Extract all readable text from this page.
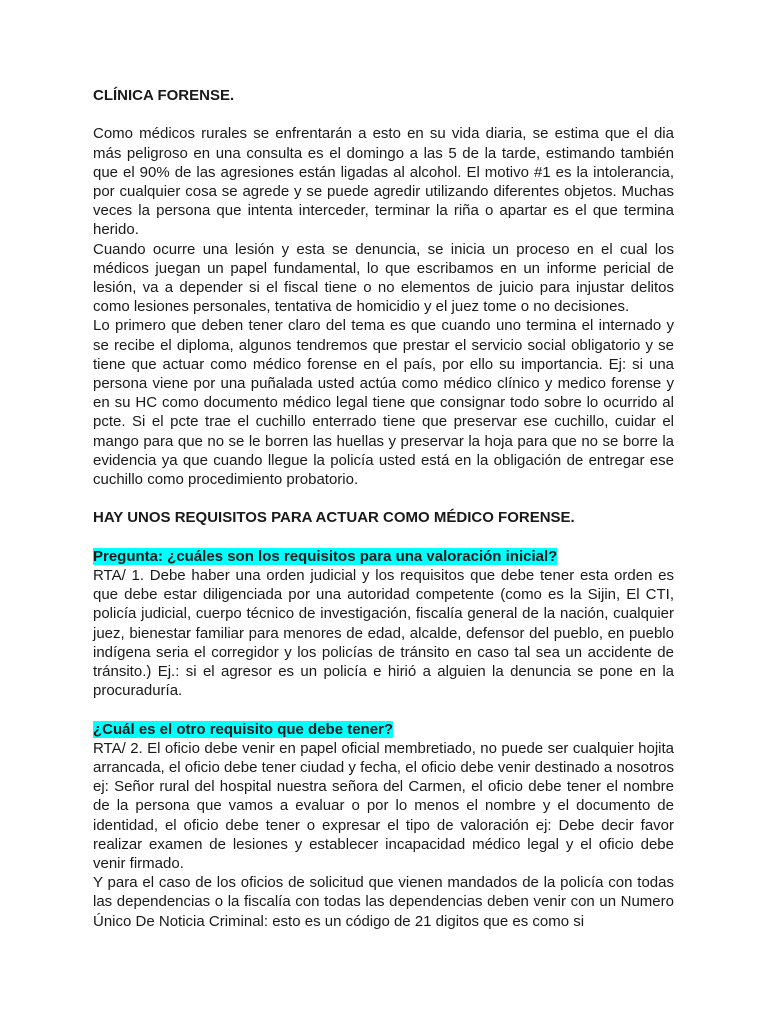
CLÍNICA FORENSE.

Como médicos rurales se enfrentarán a esto en su vida diaria, se estima que el dia más peligroso en una consulta es el domingo a las 5 de la tarde, estimando también que el 90% de las agresiones están ligadas al alcohol. El motivo #1 es la intolerancia, por cualquier cosa se agrede y se puede agredir utilizando diferentes objetos. Muchas veces la persona que intenta interceder, terminar la riña o apartar es el que termina herido.

Cuando ocurre una lesión y esta se denuncia, se inicia un proceso en el cual los médicos juegan un papel fundamental, lo que escribamos en un informe pericial de lesión, va a depender si el fiscal tiene o no elementos de juicio para injustar delitos como lesiones personales, tentativa de homicidio y el juez tome o no decisiones.

Lo primero que deben tener claro del tema es que cuando uno termina el internado y se recibe el diploma, algunos tendremos que prestar el servicio social obligatorio y se tiene que actuar como médico forense en el país, por ello su importancia. Ej: si una persona viene por una puñalada usted actúa como médico clínico y medico forense y en su HC como documento médico legal tiene que consignar todo sobre lo ocurrido al pcte. Si el pcte trae el cuchillo enterrado tiene que preservar ese cuchillo, cuidar el mango para que no se le borren las huellas y preservar la hoja para que no se borre la evidencia ya que cuando llegue la policía usted está en la obligación de entregar ese cuchillo como procedimiento probatorio.

HAY UNOS REQUISITOS PARA ACTUAR COMO MÉDICO FORENSE.

Pregunta: ¿cuáles son los requisitos para una valoración inicial?

RTA/ 1. Debe haber una orden judicial y los requisitos que debe tener esta orden es que debe estar diligenciada por una autoridad competente (como es la Sijin, El CTI, policía judicial, cuerpo técnico de investigación, fiscalía general de la nación, cualquier juez, bienestar familiar para menores de edad, alcalde, defensor del pueblo, en pueblo indígena seria el corregidor y los policías de tránsito en caso tal sea un accidente de tránsito.) Ej.: si el agresor es un policía e hirió a alguien la denuncia se pone en la procuraduría.

¿Cuál es el otro requisito que debe tener?

RTA/ 2. El oficio debe venir en papel oficial membretiado, no puede ser cualquier hojita arrancada, el oficio debe tener ciudad y fecha, el oficio debe venir destinado a nosotros ej: Señor rural del hospital nuestra señora del Carmen, el oficio debe tener el nombre de la persona que vamos a evaluar o por lo menos el nombre y el documento de identidad, el oficio debe tener o expresar el tipo de valoración ej: Debe decir favor realizar examen de lesiones y establecer incapacidad médico legal y el oficio debe venir firmado.

Y para el caso de los oficios de solicitud que vienen mandados de la policía con todas las dependencias o la fiscalía con todas las dependencias deben venir con un Numero Único De Noticia Criminal: esto es un código de 21 digitos que es como si
